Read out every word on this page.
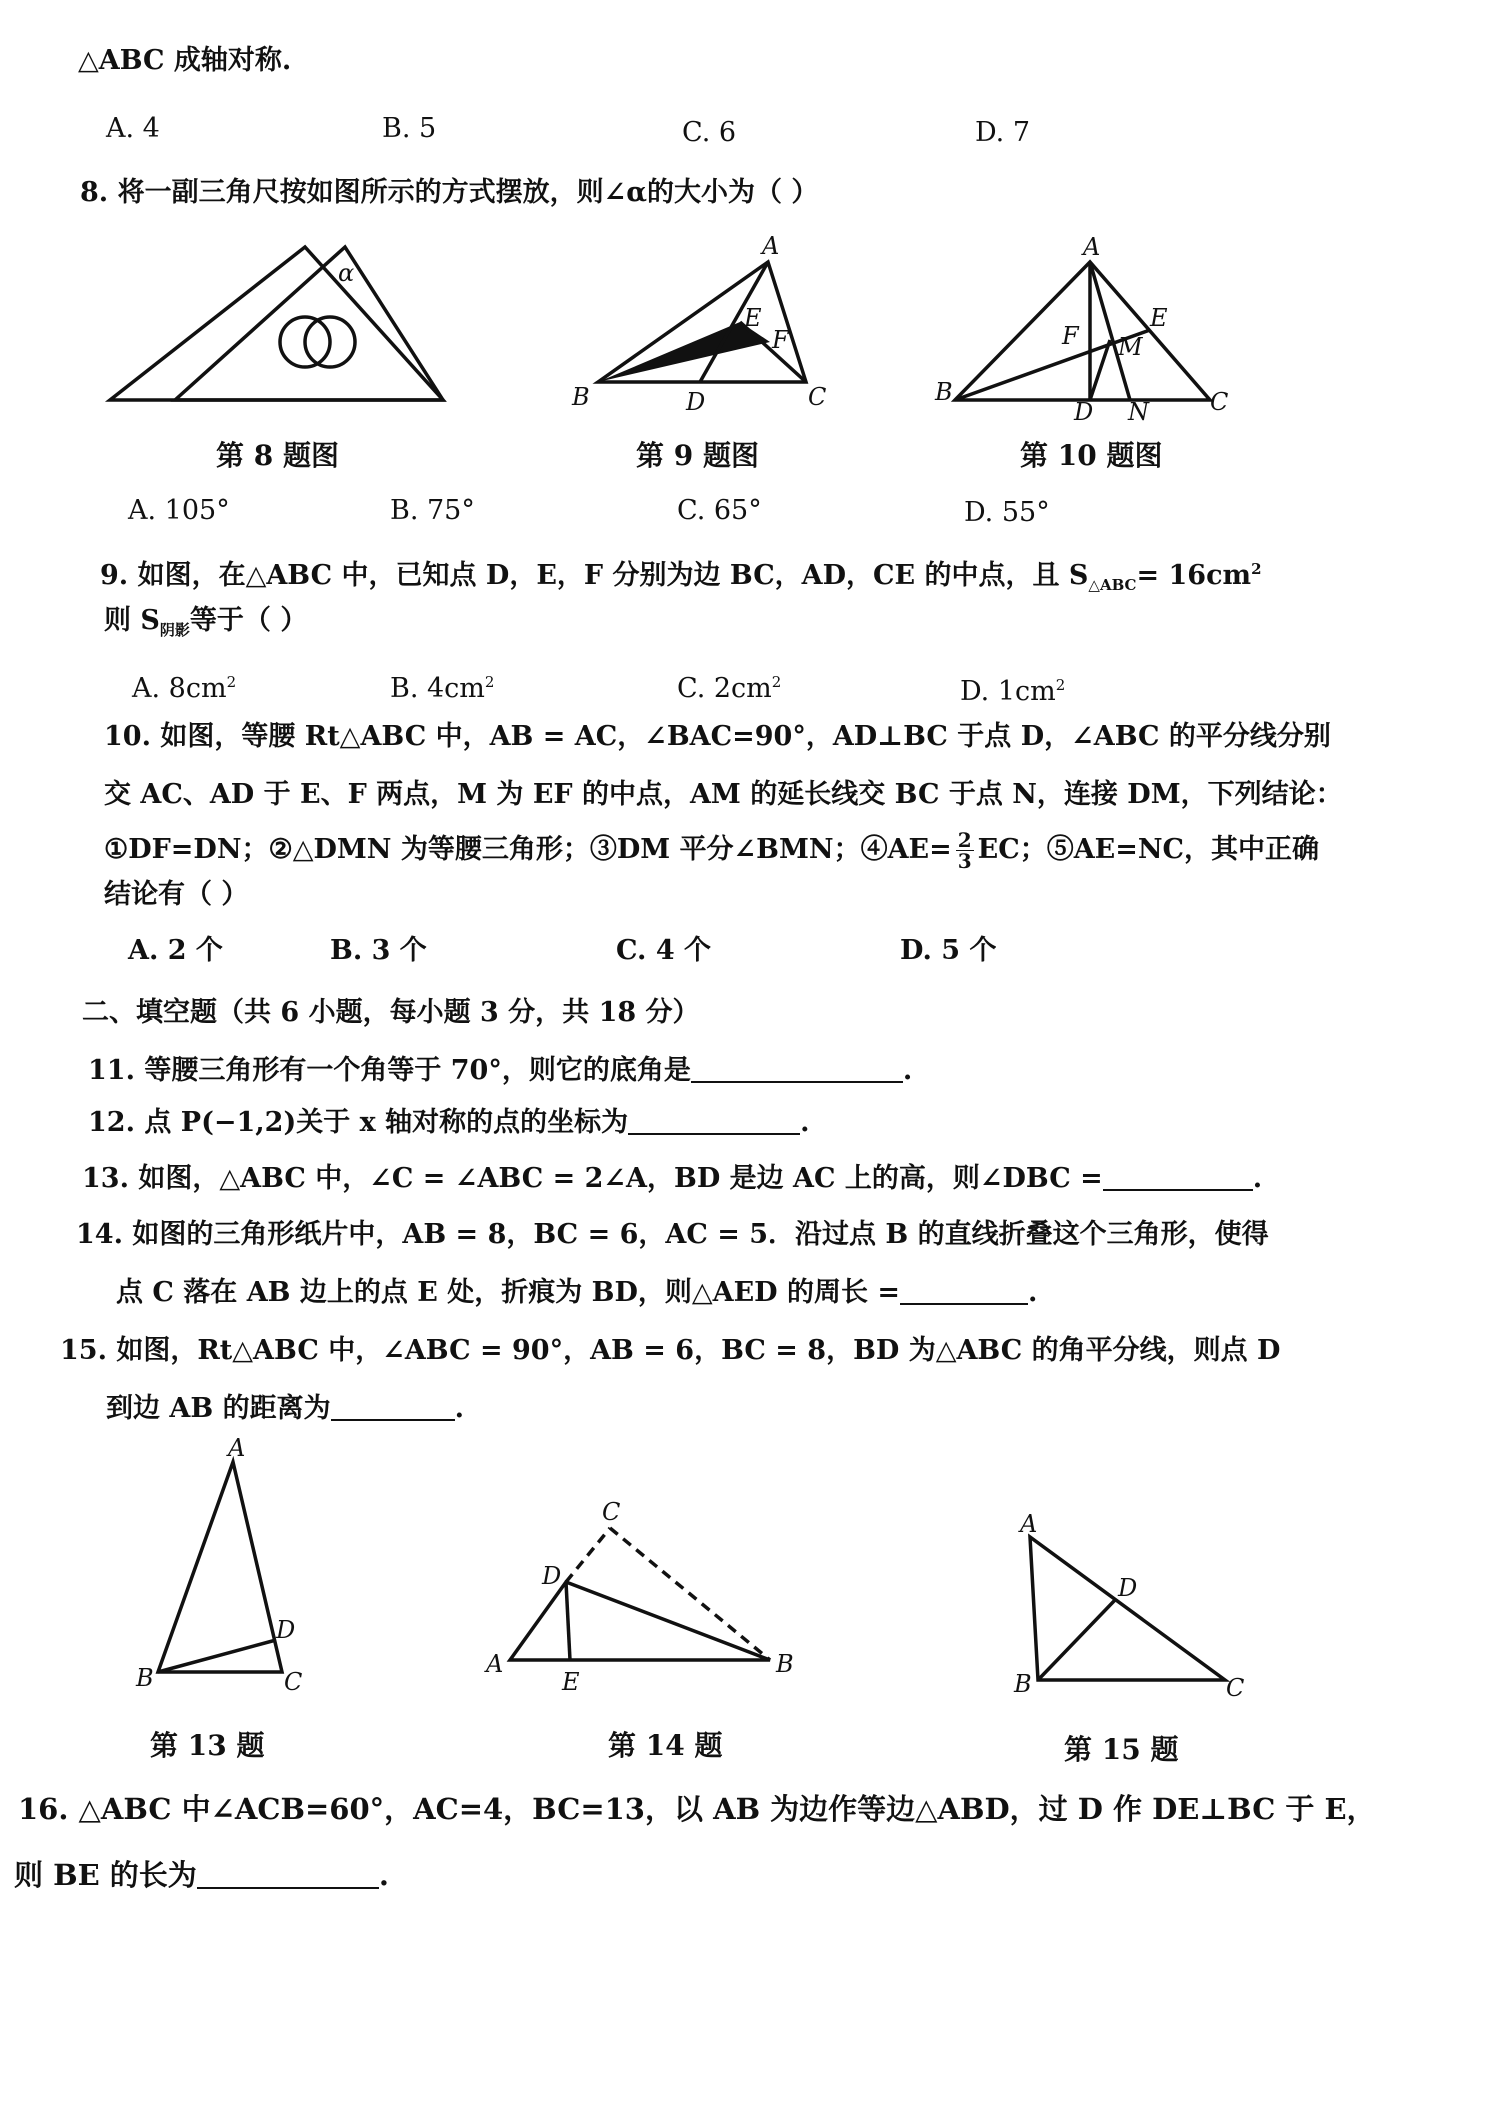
△ABC 成轴对称.
A. 4	B. 5	C. 6	D. 7
8. 将一副三角尺按如图所示的方式摆放，则∠α的大小为（ ）
α
第 8 题图
A
B	C
D
E
F
第 9 题图
A
B	C
D
E
F M
N
第 10 题图
A. 105°	B. 75°	C. 65°	D. 55°
9. 如图，在△ABC 中，已知点 D，E，F 分别为边 BC，AD，CE 的中点，且 $S_{\triangle ABC}= 16cm^2$
则 $S_{阴影}$等于（ ）
A. $8cm^2$	B. $4cm^2$	C. $2cm^2$	D. $1cm^2$
10. 如图，等腰 Rt△ABC 中，AB = AC，∠BAC=90°，AD⊥BC 于点 D，∠ABC 的平分线分别
交 AC、AD 于 E、F 两点，M 为 EF 的中点，AM 的延长线交 BC 于点 N，连接 DM，下列结论：
①DF=DN；②△DMN 为等腰三角形；③DM 平分∠BMN；④AE= $\frac{2}{3}$ EC；⑤AE=NC，其中正确
结论有（ ）
A. 2 个	B. 3 个	C. 4 个	D. 5 个
二、填空题（共 6 小题，每小题 3 分，共 18 分）
11. 等腰三角形有一个角等于 70°，则它的底角是	.
12. 点 P(−1,2)关于 x 轴对称的点的坐标为	.
13. 如图，△ABC 中，∠C = ∠ABC = 2∠A，BD 是边 AC 上的高，则∠DBC =	.
14. 如图的三角形纸片中，AB = 8，BC = 6，AC = 5．沿过点 B 的直线折叠这个三角形，使得
点 C 落在 AB 边上的点 E 处，折痕为 BD，则△AED 的周长 =	.
15. 如图，Rt△ABC 中，∠ABC = 90°，AB = 6，BC = 8，BD 为△ABC 的角平分线，则点 D
到边 AB 的距离为	.
A
B	C
D
第 13 题
C
D
A
E
B
第 14 题
A
B	C
D
第 15 题
16. △ABC 中∠ACB=60°，AC=4，BC=13，以 AB 为边作等边△ABD，过 D 作 DE⊥BC 于 E，
则 BE 的长为	.
